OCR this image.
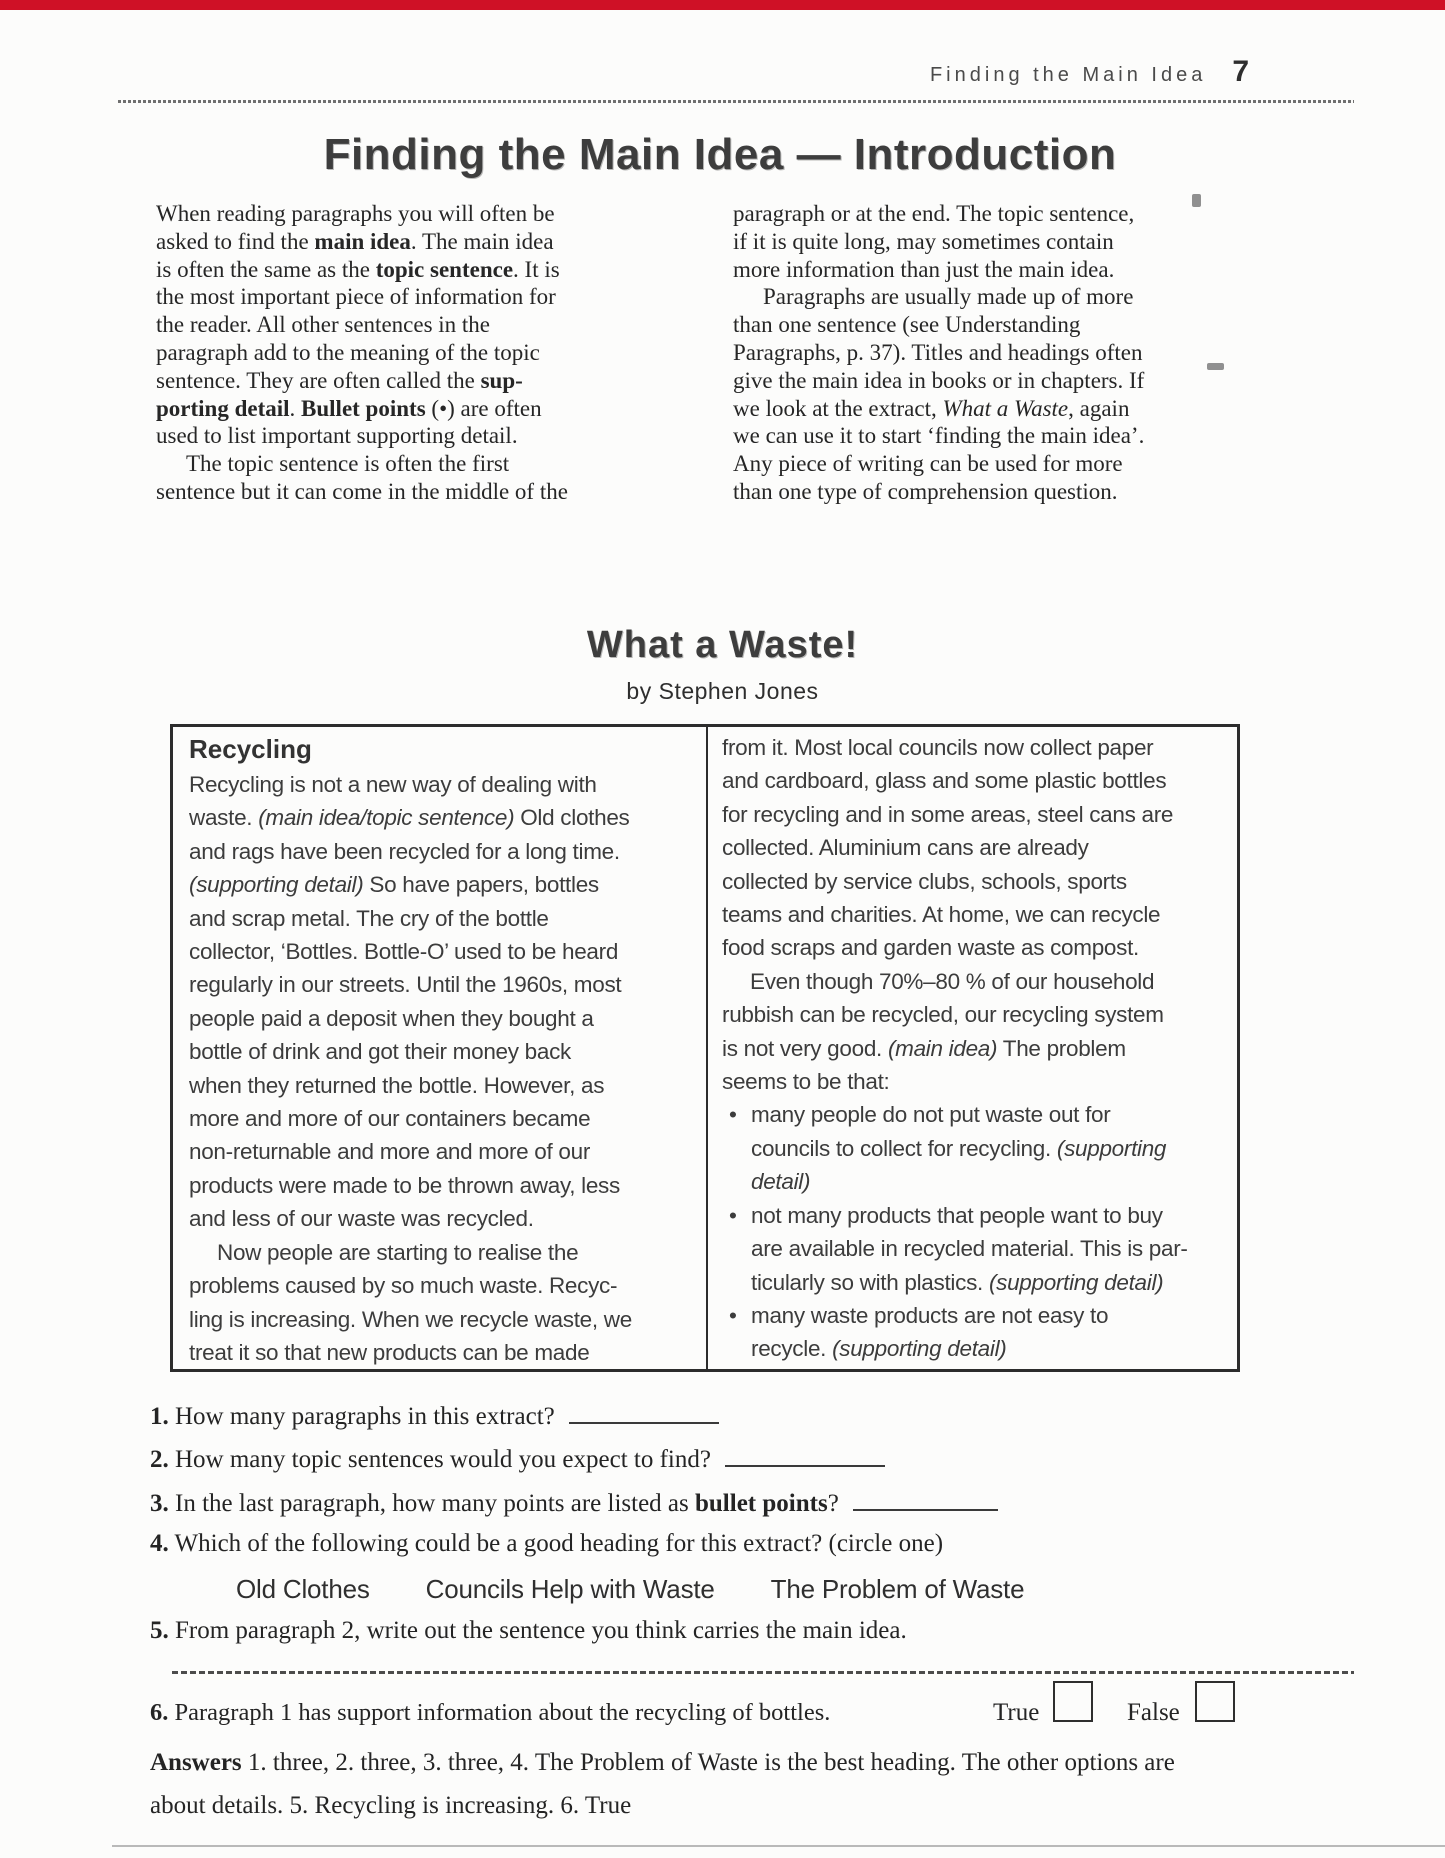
Finding the Main Idea 7
Finding the Main Idea — Introduction
When reading paragraphs you will often be
asked to find the main idea. The main idea
is often the same as the topic sentence. It is
the most important piece of information for
the reader. All other sentences in the
paragraph add to the meaning of the topic
sentence. They are often called the sup-
porting detail. Bullet points (•) are often
used to list important supporting detail.
The topic sentence is often the first
sentence but it can come in the middle of the
paragraph or at the end. The topic sentence,
if it is quite long, may sometimes contain
more information than just the main idea.
Paragraphs are usually made up of more
than one sentence (see Understanding
Paragraphs, p. 37). Titles and headings often
give the main idea in books or in chapters. If
we look at the extract, What a Waste, again
we can use it to start ‘finding the main idea’.
Any piece of writing can be used for more
than one type of comprehension question.
What a Waste!
by Stephen Jones
Recycling
Recycling is not a new way of dealing with
waste. (main idea/topic sentence) Old clothes
and rags have been recycled for a long time.
(supporting detail) So have papers, bottles
and scrap metal. The cry of the bottle
collector, ‘Bottles. Bottle-O’ used to be heard
regularly in our streets. Until the 1960s, most
people paid a deposit when they bought a
bottle of drink and got their money back
when they returned the bottle. However, as
more and more of our containers became
non-returnable and more and more of our
products were made to be thrown away, less
and less of our waste was recycled.
Now people are starting to realise the
problems caused by so much waste. Recyc-
ling is increasing. When we recycle waste, we
treat it so that new products can be made
from it. Most local councils now collect paper
and cardboard, glass and some plastic bottles
for recycling and in some areas, steel cans are
collected. Aluminium cans are already
collected by service clubs, schools, sports
teams and charities. At home, we can recycle
food scraps and garden waste as compost.
Even though 70%–80 % of our household
rubbish can be recycled, our recycling system
is not very good. (main idea) The problem
seems to be that:
• many people do not put waste out for
councils to collect for recycling. (supporting
detail)
• not many products that people want to buy
are available in recycled material. This is par-
ticularly so with plastics. (supporting detail)
• many waste products are not easy to
recycle. (supporting detail)
1. How many paragraphs in this extract?
2. How many topic sentences would you expect to find?
3. In the last paragraph, how many points are listed as bullet points?
4. Which of the following could be a good heading for this extract? (circle one)
Old Clothes Councils Help with Waste The Problem of Waste
5. From paragraph 2, write out the sentence you think carries the main idea.
6. Paragraph 1 has support information about the recycling of bottles.	True	False
Answers 1. three, 2. three, 3. three, 4. The Problem of Waste is the best heading. The other options are
about details. 5. Recycling is increasing. 6. True
